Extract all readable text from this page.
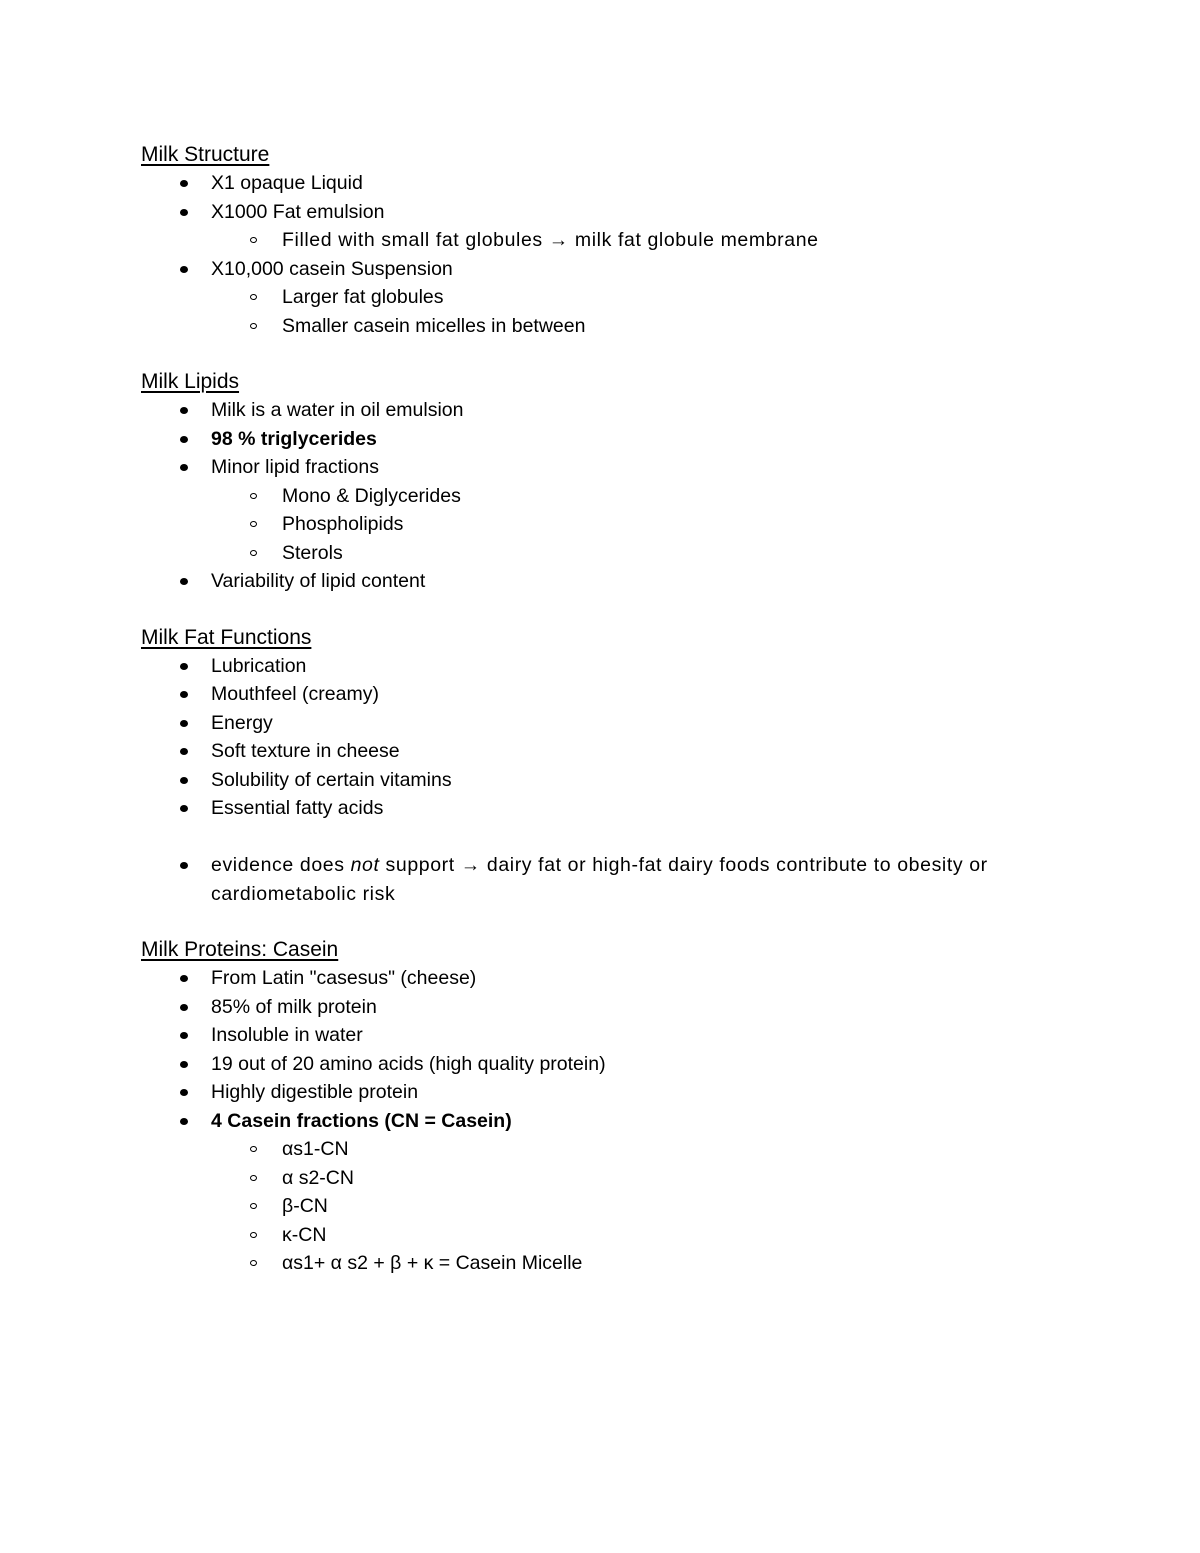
Milk Structure
X1 opaque Liquid
X1000 Fat emulsion
Filled with small fat globules → milk fat globule membrane
X10,000 casein Suspension
Larger fat globules
Smaller casein micelles in between
Milk Lipids
Milk is a water in oil emulsion
98 % triglycerides
Minor lipid fractions
Mono & Diglycerides
Phospholipids
Sterols
Variability of lipid content
Milk Fat Functions
Lubrication
Mouthfeel (creamy)
Energy
Soft texture in cheese
Solubility of certain vitamins
Essential fatty acids
evidence does not support → dairy fat or high-fat dairy foods contribute to obesity or cardiometabolic risk
Milk Proteins: Casein
From Latin "casesus" (cheese)
85% of milk protein
Insoluble in water
19 out of 20 amino acids (high quality protein)
Highly digestible protein
4 Casein fractions (CN = Casein)
αs1-CN
α s2-CN
β-CN
κ-CN
αs1+ α s2 + β + κ = Casein Micelle
